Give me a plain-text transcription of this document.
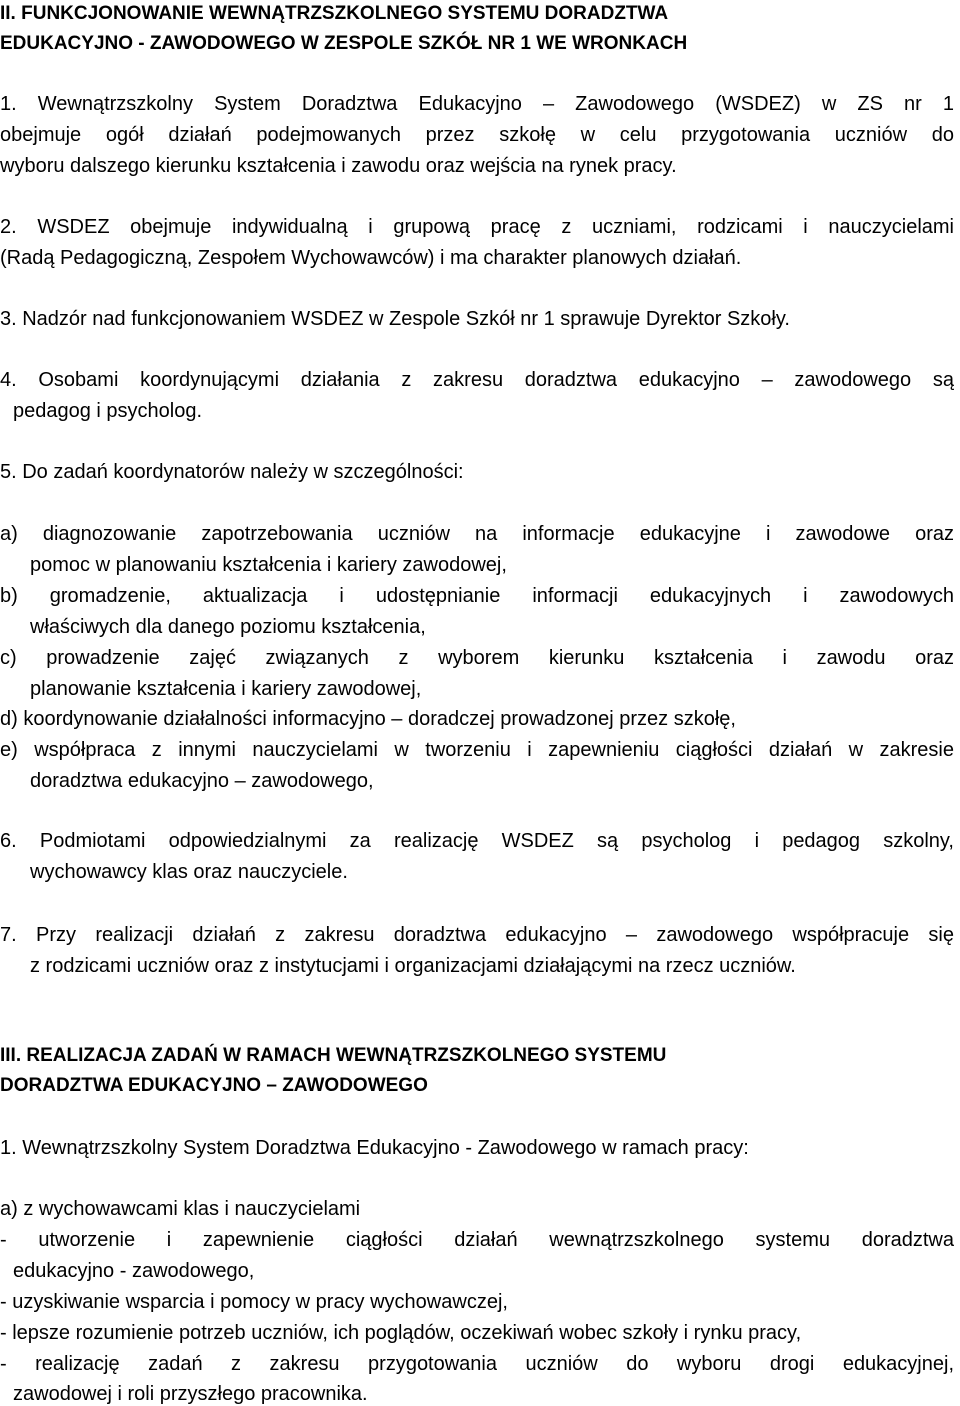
II. FUNKCJONOWANIE WEWNĄTRZSZKOLNEGO SYSTEMU DORADZTWA
EDUKACYJNO - ZAWODOWEGO W ZESPOLE SZKÓŁ NR 1 WE WRONKACH
1. Wewnątrzszkolny System Doradztwa Edukacyjno – Zawodowego (WSDEZ) w ZS nr 1
obejmuje ogół działań podejmowanych przez szkołę w celu przygotowania uczniów do
wyboru dalszego kierunku kształcenia i zawodu oraz wejścia na rynek pracy.
2. WSDEZ obejmuje indywidualną i grupową pracę z uczniami, rodzicami i nauczycielami
(Radą Pedagogiczną, Zespołem Wychowawców) i ma charakter planowych działań.
3. Nadzór nad funkcjonowaniem WSDEZ w Zespole Szkół nr 1 sprawuje Dyrektor Szkoły.
4. Osobami koordynującymi działania z zakresu doradztwa edukacyjno – zawodowego są
pedagog i psycholog.
5. Do zadań koordynatorów należy w szczególności:
a) diagnozowanie zapotrzebowania uczniów na informacje edukacyjne i zawodowe oraz
pomoc w planowaniu kształcenia i kariery zawodowej,
b) gromadzenie, aktualizacja i udostępnianie informacji edukacyjnych i zawodowych
właściwych dla danego poziomu kształcenia,
c) prowadzenie zajęć związanych z wyborem kierunku kształcenia i zawodu oraz
planowanie kształcenia i kariery zawodowej,
d) koordynowanie działalności informacyjno – doradczej prowadzonej przez szkołę,
e) współpraca z innymi nauczycielami w tworzeniu i zapewnieniu ciągłości działań w zakresie
doradztwa edukacyjno – zawodowego,
6. Podmiotami odpowiedzialnymi za realizację WSDEZ są psycholog i pedagog szkolny,
wychowawcy klas oraz nauczyciele.
7. Przy realizacji działań z zakresu doradztwa edukacyjno – zawodowego współpracuje się
z rodzicami uczniów oraz z instytucjami i organizacjami działającymi na rzecz uczniów.
III. REALIZACJA ZADAŃ W RAMACH WEWNĄTRZSZKOLNEGO SYSTEMU
DORADZTWA EDUKACYJNO – ZAWODOWEGO
1. Wewnątrzszkolny System Doradztwa Edukacyjno - Zawodowego w ramach pracy:
a) z wychowawcami klas i nauczycielami
- utworzenie i zapewnienie ciągłości działań wewnątrzszkolnego systemu doradztwa
edukacyjno - zawodowego,
- uzyskiwanie wsparcia i pomocy w pracy wychowawczej,
- lepsze rozumienie potrzeb uczniów, ich poglądów, oczekiwań wobec szkoły i rynku pracy,
- realizację zadań z zakresu przygotowania uczniów do wyboru drogi edukacyjnej,
zawodowej i roli przyszłego pracownika.
